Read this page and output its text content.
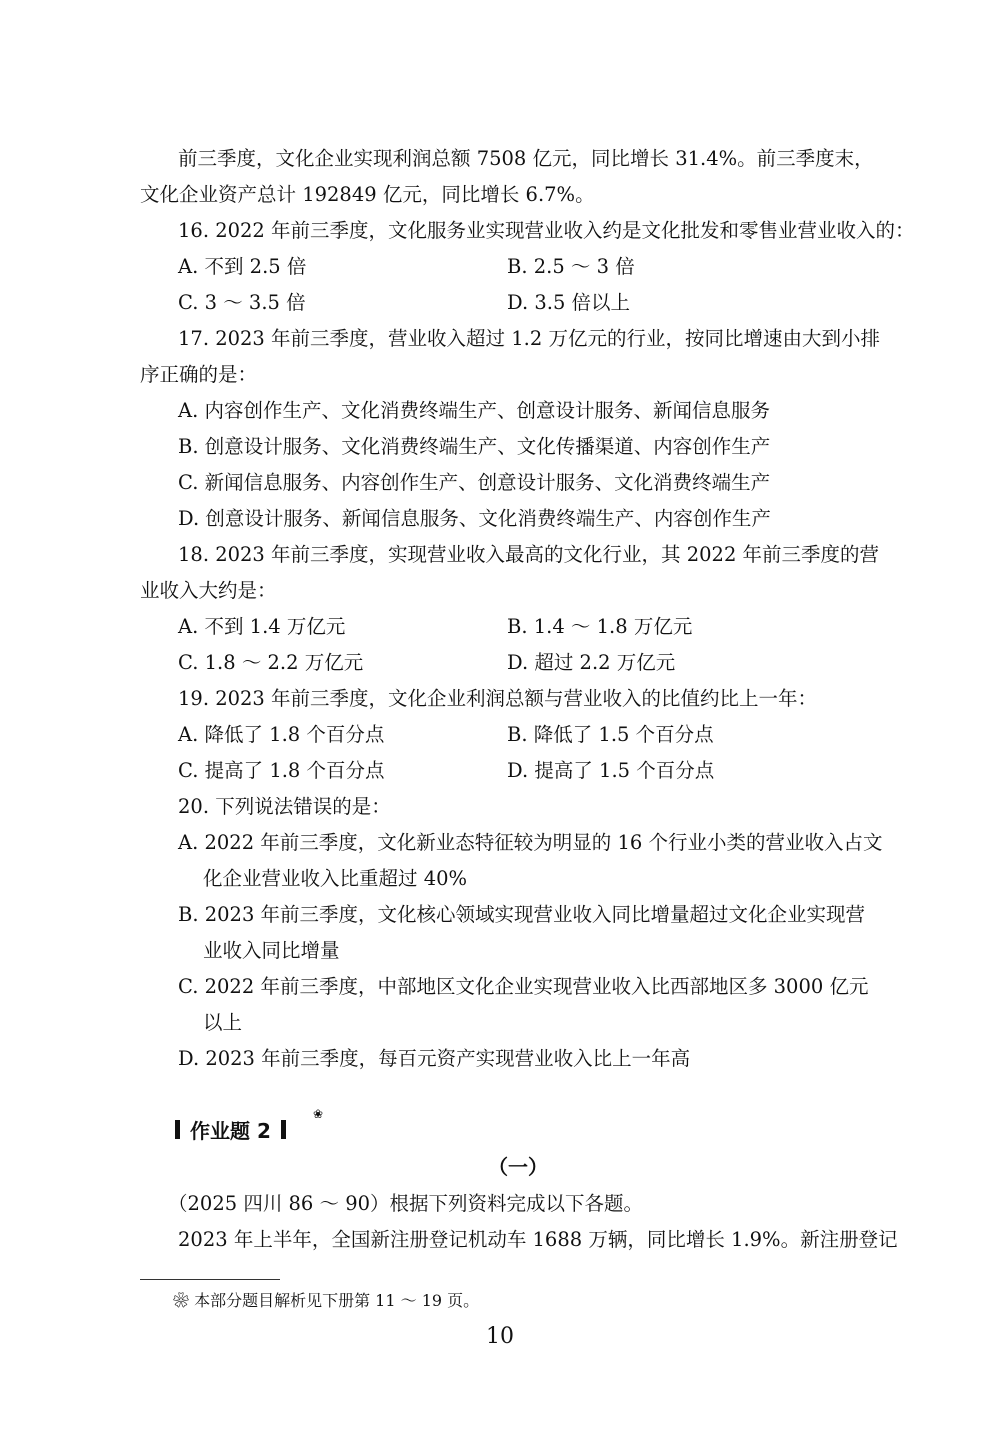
前三季度，文化企业实现利润总额 7508 亿元，同比增长 31.4%。前三季度末，
文化企业资产总计 192849 亿元，同比增长 6.7%。
16. 2022 年前三季度，文化服务业实现营业收入约是文化批发和零售业营业收入的：
A. 不到 2.5 倍	B. 2.5 ～ 3 倍
C. 3 ～ 3.5 倍	D. 3.5 倍以上
17. 2023 年前三季度，营业收入超过 1.2 万亿元的行业，按同比增速由大到小排
序正确的是：
A. 内容创作生产、文化消费终端生产、创意设计服务、新闻信息服务
B. 创意设计服务、文化消费终端生产、文化传播渠道、内容创作生产
C. 新闻信息服务、内容创作生产、创意设计服务、文化消费终端生产
D. 创意设计服务、新闻信息服务、文化消费终端生产、内容创作生产
18. 2023 年前三季度，实现营业收入最高的文化行业，其 2022 年前三季度的营
业收入大约是：
A. 不到 1.4 万亿元	B. 1.4 ～ 1.8 万亿元
C. 1.8 ～ 2.2 万亿元	D. 超过 2.2 万亿元
19. 2023 年前三季度，文化企业利润总额与营业收入的比值约比上一年：
A. 降低了 1.8 个百分点	B. 降低了 1.5 个百分点
C. 提高了 1.8 个百分点	D. 提高了 1.5 个百分点
20. 下列说法错误的是：
A. 2022 年前三季度，文化新业态特征较为明显的 16 个行业小类的营业收入占文
化企业营业收入比重超过 40%
B. 2023 年前三季度，文化核心领域实现营业收入同比增量超过文化企业实现营
业收入同比增量
C. 2022 年前三季度，中部地区文化企业实现营业收入比西部地区多 3000 亿元
以上
D. 2023 年前三季度，每百元资产实现营业收入比上一年高
作业题 2
❀
（一）
（2025 四川 86 ～ 90）根据下列资料完成以下各题。
2023 年上半年，全国新注册登记机动车 1688 万辆，同比增长 1.9%。新注册登记
❀ 本部分题目解析见下册第 11 ～ 19 页。
10
